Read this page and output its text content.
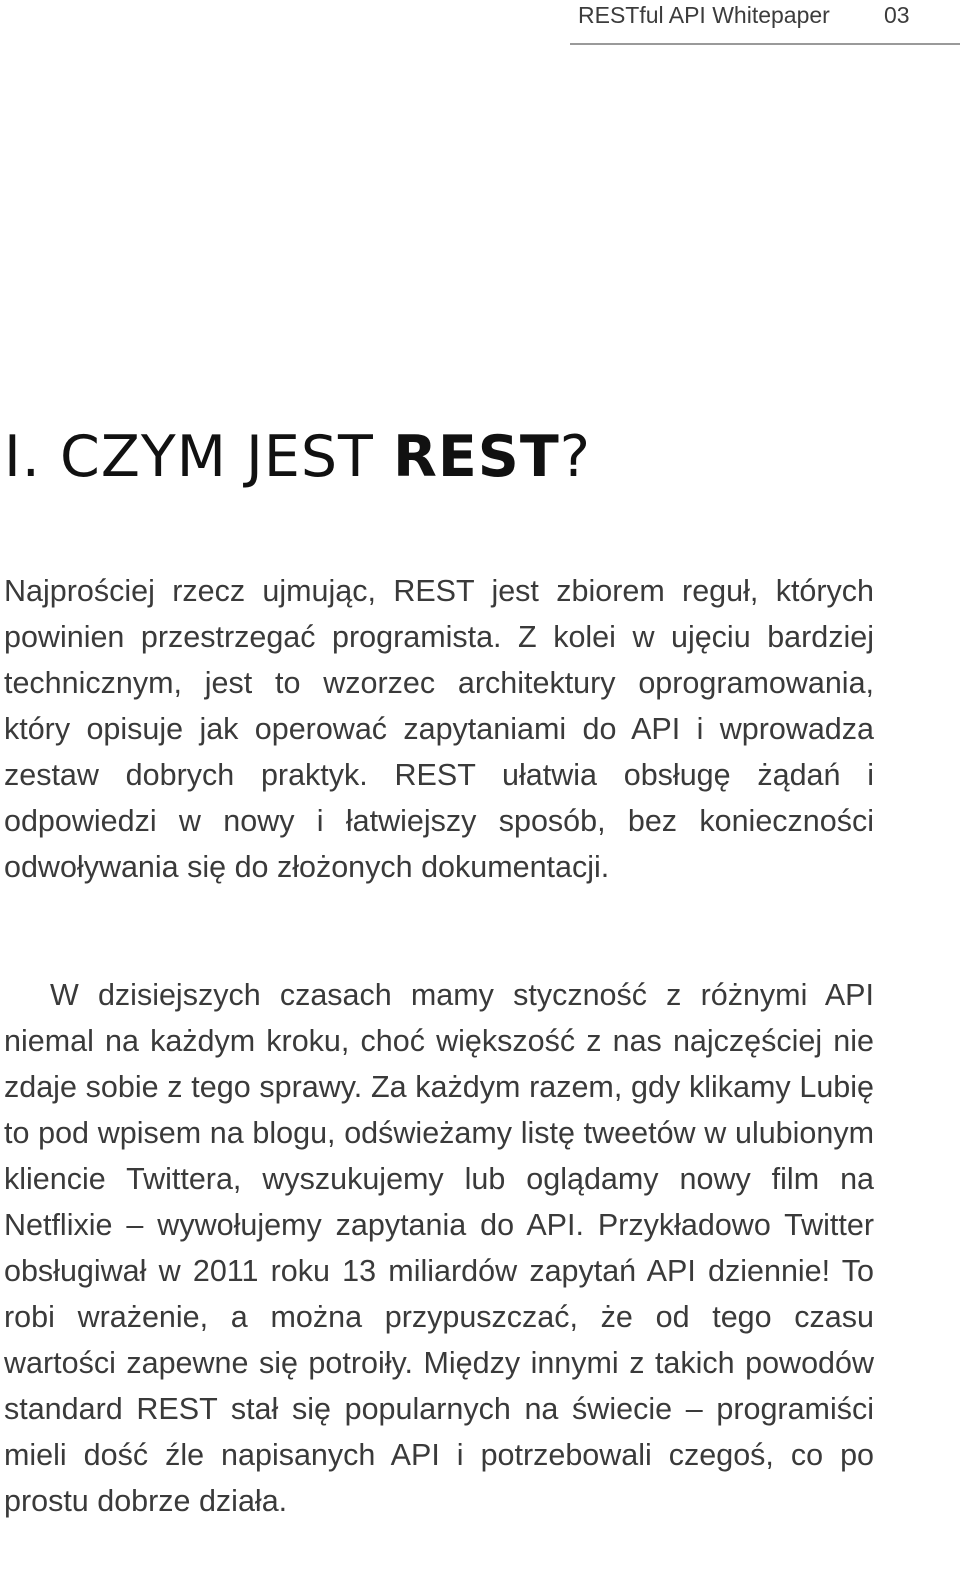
RESTful API Whitepaper 03
I. CZYM JEST REST?

Najprościej rzecz ujmując, REST jest zbiorem reguł, których powinien przestrzegać programista. Z kolei w ujęciu bardziej technicznym, jest to wzorzec architektury oprogramowania, który opisuje jak operować zapytaniami do API i wprowadza zestaw dobrych praktyk. REST ułatwia obsługę żądań i odpowiedzi w nowy i łatwiejszy sposób, bez konieczności odwoływania się do złożonych dokumentacji.

W dzisiejszych czasach mamy styczność z różnymi API niemal na każdym kroku, choć większość z nas najczęściej nie zdaje sobie z tego sprawy. Za każdym razem, gdy klikamy Lubię to pod wpisem na blogu, odświeżamy listę tweetów w ulubionym kliencie Twittera, wyszukujemy lub oglądamy nowy film na Netflixie – wywołujemy zapytania do API. Przykładowo Twitter obsługiwał w 2011 roku 13 miliardów zapytań API dziennie! To robi wrażenie, a można przypuszczać, że od tego czasu wartości zapewne się potroiły. Między innymi z takich powodów standard REST stał się popularnych na świecie – programiści mieli dość źle napisanych API i potrzebowali czegoś, co po prostu dobrze działa.
